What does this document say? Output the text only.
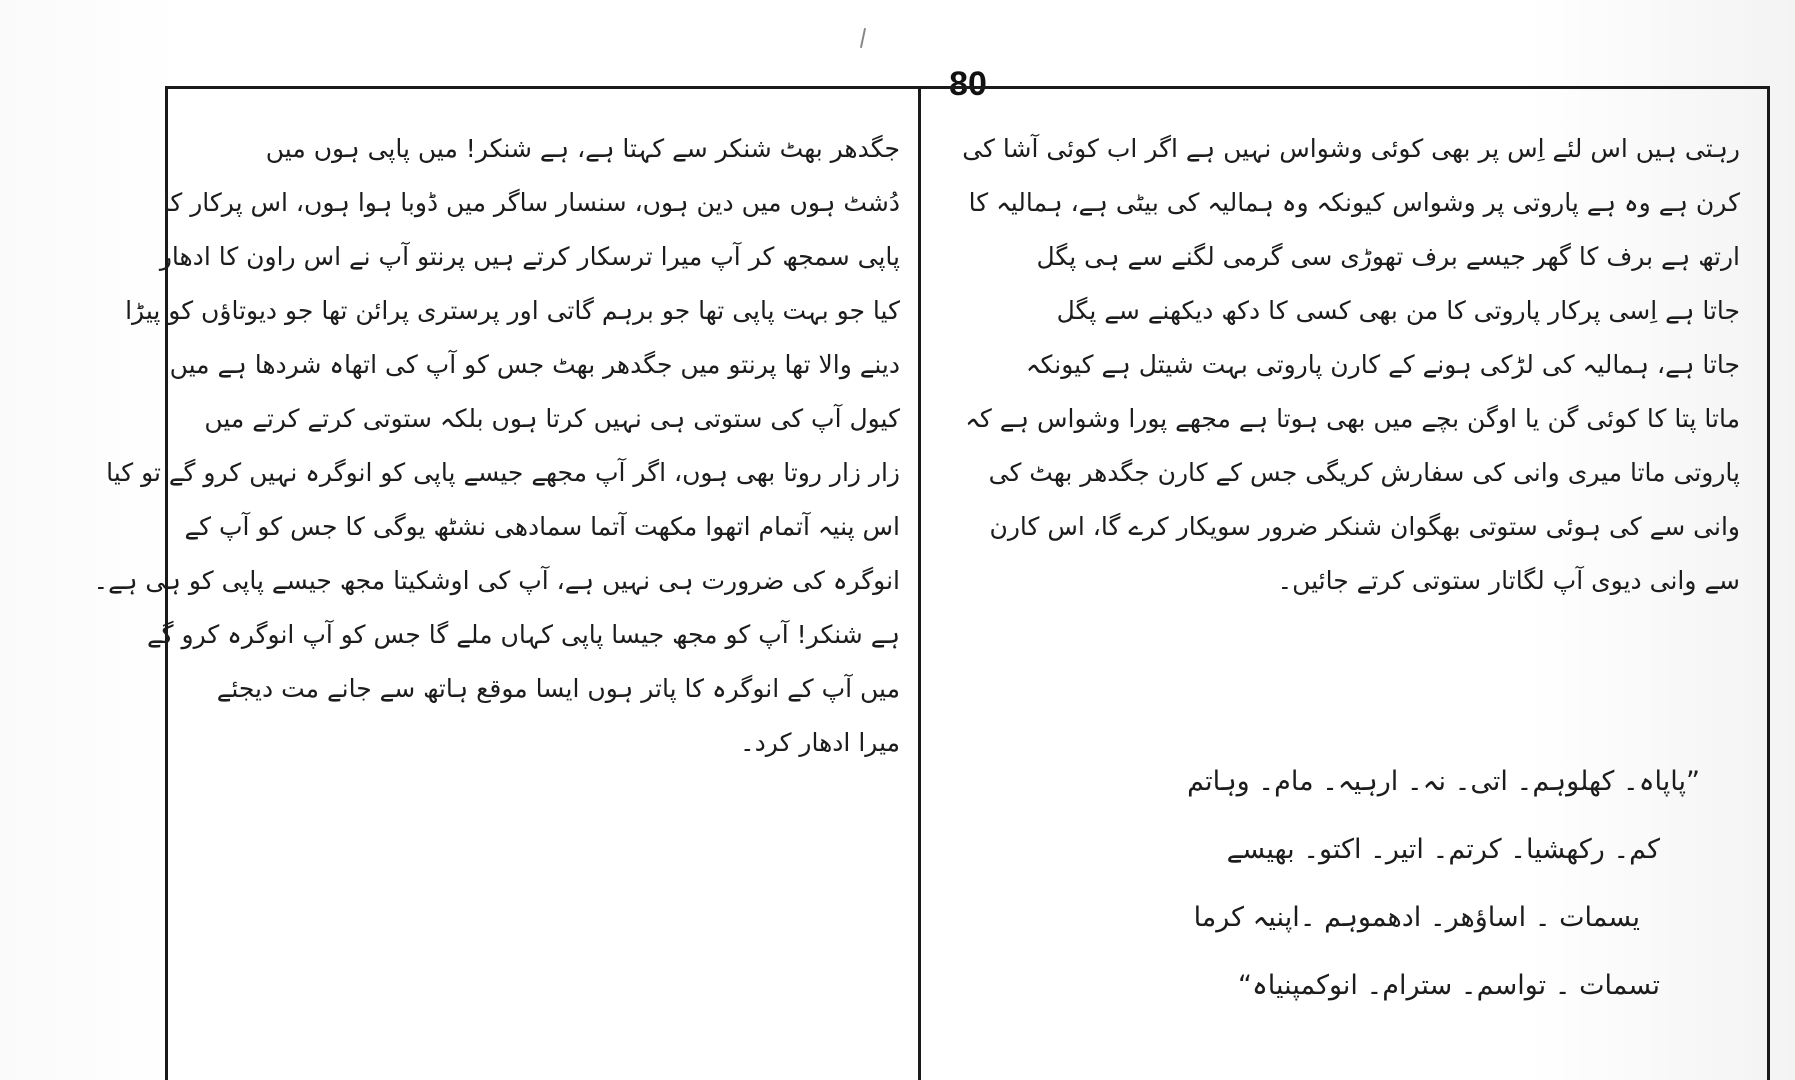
80
رہتی ہیں اس لئے اِس پر بھی کوئی وشواس نہیں ہے اگر اب کوئی آشا کی
کرن ہے وہ ہے پاروتی پر وشواس کیونکہ وہ ہمالیہ کی بیٹی ہے، ہمالیہ کا
ارتھ ہے برف کا گھر جیسے برف تھوڑی سی گرمی لگنے سے ہی پگل
جاتا ہے اِسی پرکار پاروتی کا من بھی کسی کا دکھ دیکھنے سے پگل
جاتا ہے، ہمالیہ کی لڑکی ہونے کے کارن پاروتی بہت شیتل ہے کیونکہ
ماتا پتا کا کوئی گن یا اوگن بچے میں بھی ہوتا ہے مجھے پورا وشواس ہے کہ
پاروتی ماتا میری وانی کی سفارش کریگی جس کے کارن جگدھر بھٹ کی
وانی سے کی ہوئی ستوتی بھگوان شنکر ضرور سویکار کرے گا، اس کارن
سے وانی دیوی آپ لگاتار ستوتی کرتے جائیں۔
”پاپاہ۔ کھلوہم۔ اتی۔ نہ۔ ارہیہ۔ مام۔ وہاتم
کم۔ رکھشیا۔ کرتم۔ اتیر۔ اکتو۔ بھیسے
یسمات ۔ اساؤھر۔ ادھموہم ۔اپنیہ کرما
تسمات ۔ تواسم۔ سترام۔ انوکمپنیاہ“
جگدھر بھٹ شنکر سے کہتا ہے، ہے شنکر! میں پاپی ہوں میں
دُشٹ ہوں میں دین ہوں، سنسار ساگر میں ڈوبا ہوا ہوں، اس پرکار کا
پاپی سمجھ کر آپ میرا ترسکار کرتے ہیں پرنتو آپ نے اس راون کا ادھار
کیا جو بہت پاپی تھا جو برہم گاتی اور پرستری پرائن تھا جو دیوتاؤں کو پیڑا
دینے والا تھا پرنتو میں جگدھر بھٹ جس کو آپ کی اتھاہ شردھا ہے میں
کیول آپ کی ستوتی ہی نہیں کرتا ہوں بلکہ ستوتی کرتے کرتے میں
زار زار روتا بھی ہوں، اگر آپ مجھے جیسے پاپی کو انوگرہ نہیں کرو گے تو کیا
اس پنیہ آتمام اتھوا مکھت آتما سمادھی نشٹھ یوگی کا جس کو آپ کے
انوگرہ کی ضرورت ہی نہیں ہے، آپ کی اوشکیتا مجھ جیسے پاپی کو ہی ہے۔
ہے شنکر! آپ کو مجھ جیسا پاپی کہاں ملے گا جس کو آپ انوگرہ کرو گے
میں آپ کے انوگرہ کا پاتر ہوں ایسا موقع ہاتھ سے جانے مت دیجئے
میرا ادھار کرد۔
